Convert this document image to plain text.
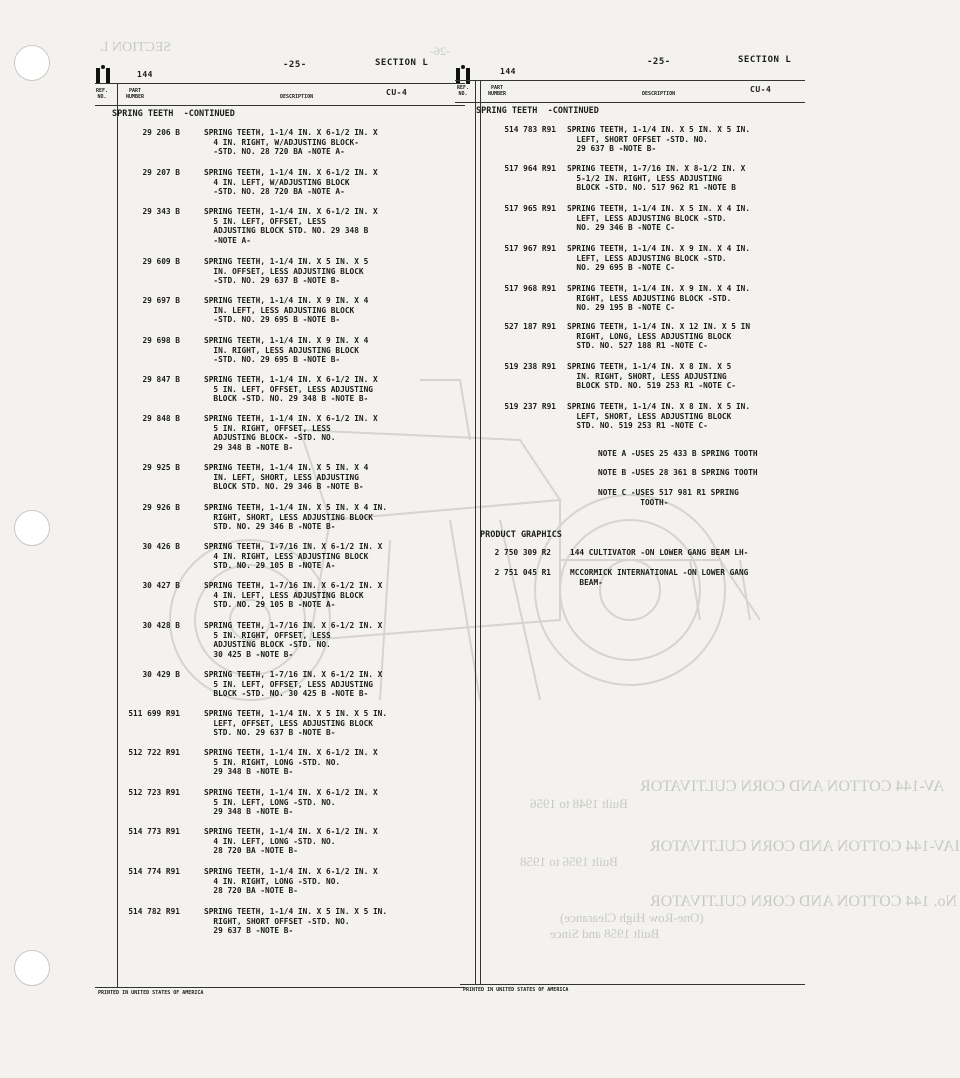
SECTION L	-26-
AV-144 COTTON AND CORN CULTIVATOR
Built 1948 to 1956
IAV-144 COTTON AND CORN CULTIVATOR
Built 1956 to 1958
No. 144 COTTON AND CORN CULTIVATOR
(One-Row High Clearance)
Built 1958 and Since
144
-25-	SECTION L
CU-4
144
-25-	SECTION L
CU-4
REF.
NO.
PART
NUMBER	DESCRIPTION
REF.
NO.
PART
NUMBER	DESCRIPTION
SPRING TEETH  -CONTINUED
29 206 B	SPRING TEETH, 1-1/4 IN. X 6-1/2 IN. X
4 IN. RIGHT, W/ADJUSTING BLOCK-
-STD. NO. 28 720 BA -NOTE A-
29 207 B	SPRING TEETH, 1-1/4 IN. X 6-1/2 IN. X
4 IN. LEFT, W/ADJUSTING BLOCK
-STD. NO. 28 720 BA -NOTE A-
29 343 B	SPRING TEETH, 1-1/4 IN. X 6-1/2 IN. X
5 IN. LEFT, OFFSET, LESS
ADJUSTING BLOCK STD. NO. 29 348 B
-NOTE A-
29 609 B	SPRING TEETH, 1-1/4 IN. X 5 IN. X 5
IN. OFFSET, LESS ADJUSTING BLOCK
-STD. NO. 29 637 B -NOTE B-
29 697 B	SPRING TEETH, 1-1/4 IN. X 9 IN. X 4
IN. LEFT, LESS ADJUSTING BLOCK
-STD. NO. 29 695 B -NOTE B-
29 698 B	SPRING TEETH, 1-1/4 IN. X 9 IN. X 4
IN. RIGHT, LESS ADJUSTING BLOCK
-STD. NO. 29 695 B -NOTE B-
29 847 B	SPRING TEETH, 1-1/4 IN. X 6-1/2 IN. X
5 IN. LEFT, OFFSET, LESS ADJUSTING
BLOCK -STD. NO. 29 348 B -NOTE B-
29 848 B	SPRING TEETH, 1-1/4 IN. X 6-1/2 IN. X
5 IN. RIGHT, OFFSET, LESS
ADJUSTING BLOCK- -STD. NO.
29 348 B -NOTE B-
29 925 B	SPRING TEETH, 1-1/4 IN. X 5 IN. X 4
IN. LEFT, SHORT, LESS ADJUSTING
BLOCK STD. NO. 29 346 B -NOTE B-
29 926 B	SPRING TEETH, 1-1/4 IN. X 5 IN. X 4 IN.
RIGHT, SHORT, LESS ADJUSTING BLOCK
STD. NO. 29 346 B -NOTE B-
30 426 B	SPRING TEETH, 1-7/16 IN. X 6-1/2 IN. X
4 IN. RIGHT, LESS ADJUSTING BLOCK
STD. NO. 29 105 B -NOTE A-
30 427 B	SPRING TEETH, 1-7/16 IN. X 6-1/2 IN. X
4 IN. LEFT, LESS ADJUSTING BLOCK
STD. NO. 29 105 B -NOTE A-
30 428 B	SPRING TEETH, 1-7/16 IN. X 6-1/2 IN. X
5 IN. RIGHT, OFFSET, LESS
ADJUSTING BLOCK -STD. NO.
30 425 B -NOTE B-
30 429 B	SPRING TEETH, 1-7/16 IN. X 6-1/2 IN. X
5 IN. LEFT, OFFSET, LESS ADJUSTING
BLOCK -STD. NO. 30 425 B -NOTE B-
511 699 R91	SPRING TEETH, 1-1/4 IN. X 5 IN. X 5 IN.
LEFT, OFFSET, LESS ADJUSTING BLOCK
STD. NO. 29 637 B -NOTE B-
512 722 R91	SPRING TEETH, 1-1/4 IN. X 6-1/2 IN. X
5 IN. RIGHT, LONG -STD. NO.
29 348 B -NOTE B-
512 723 R91	SPRING TEETH, 1-1/4 IN. X 6-1/2 IN. X
5 IN. LEFT, LONG -STD. NO.
29 348 B -NOTE B-
514 773 R91	SPRING TEETH, 1-1/4 IN. X 6-1/2 IN. X
4 IN. LEFT, LONG -STD. NO.
28 720 BA -NOTE B-
514 774 R91	SPRING TEETH, 1-1/4 IN. X 6-1/2 IN. X
4 IN. RIGHT, LONG -STD. NO.
28 720 BA -NOTE B-
514 782 R91	SPRING TEETH, 1-1/4 IN. X 5 IN. X 5 IN.
RIGHT, SHORT OFFSET -STD. NO.
29 637 B -NOTE B-
SPRING TEETH  -CONTINUED
514 783 R91 SPRING TEETH, 1-1/4 IN. X 5 IN. X 5 IN.
LEFT, SHORT OFFSET -STD. NO.
29 637 B -NOTE B-
517 964 R91 SPRING TEETH, 1-7/16 IN. X 8-1/2 IN. X
5-1/2 IN. RIGHT, LESS ADJUSTING
BLOCK -STD. NO. 517 962 R1 -NOTE B
517 965 R91 SPRING TEETH, 1-1/4 IN. X 5 IN. X 4 IN.
LEFT, LESS ADJUSTING BLOCK -STD.
NO. 29 346 B -NOTE C-
517 967 R91 SPRING TEETH, 1-1/4 IN. X 9 IN. X 4 IN.
LEFT, LESS ADJUSTING BLOCK -STD.
NO. 29 695 B -NOTE C-
517 968 R91 SPRING TEETH, 1-1/4 IN. X 9 IN. X 4 IN.
RIGHT, LESS ADJUSTING BLOCK -STD.
NO. 29 195 B -NOTE C-
527 187 R91 SPRING TEETH, 1-1/4 IN. X 12 IN. X 5 IN
RIGHT, LONG, LESS ADJUSTING BLOCK
STD. NO. 527 188 R1 -NOTE C-
519 238 R91 SPRING TEETH, 1-1/4 IN. X 8 IN. X 5
IN. RIGHT, SHORT, LESS ADJUSTING
BLOCK STD. NO. 519 253 R1 -NOTE C-
519 237 R91 SPRING TEETH, 1-1/4 IN. X 8 IN. X 5 IN.
LEFT, SHORT, LESS ADJUSTING BLOCK
STD. NO. 519 253 R1 -NOTE C-
NOTE A -USES 25 433 B SPRING TOOTH
NOTE B -USES 28 361 B SPRING TOOTH
NOTE C -USES 517 981 R1 SPRING
TOOTH-
PRODUCT GRAPHICS
2 750 309 R2 144 CULTIVATOR -ON LOWER GANG BEAM LH-
2 751 045 R1 MCCORMICK INTERNATIONAL -ON LOWER GANG
BEAM-
PRINTED IN UNITED STATES OF AMERICA	PRINTED IN UNITED STATES OF AMERICA
